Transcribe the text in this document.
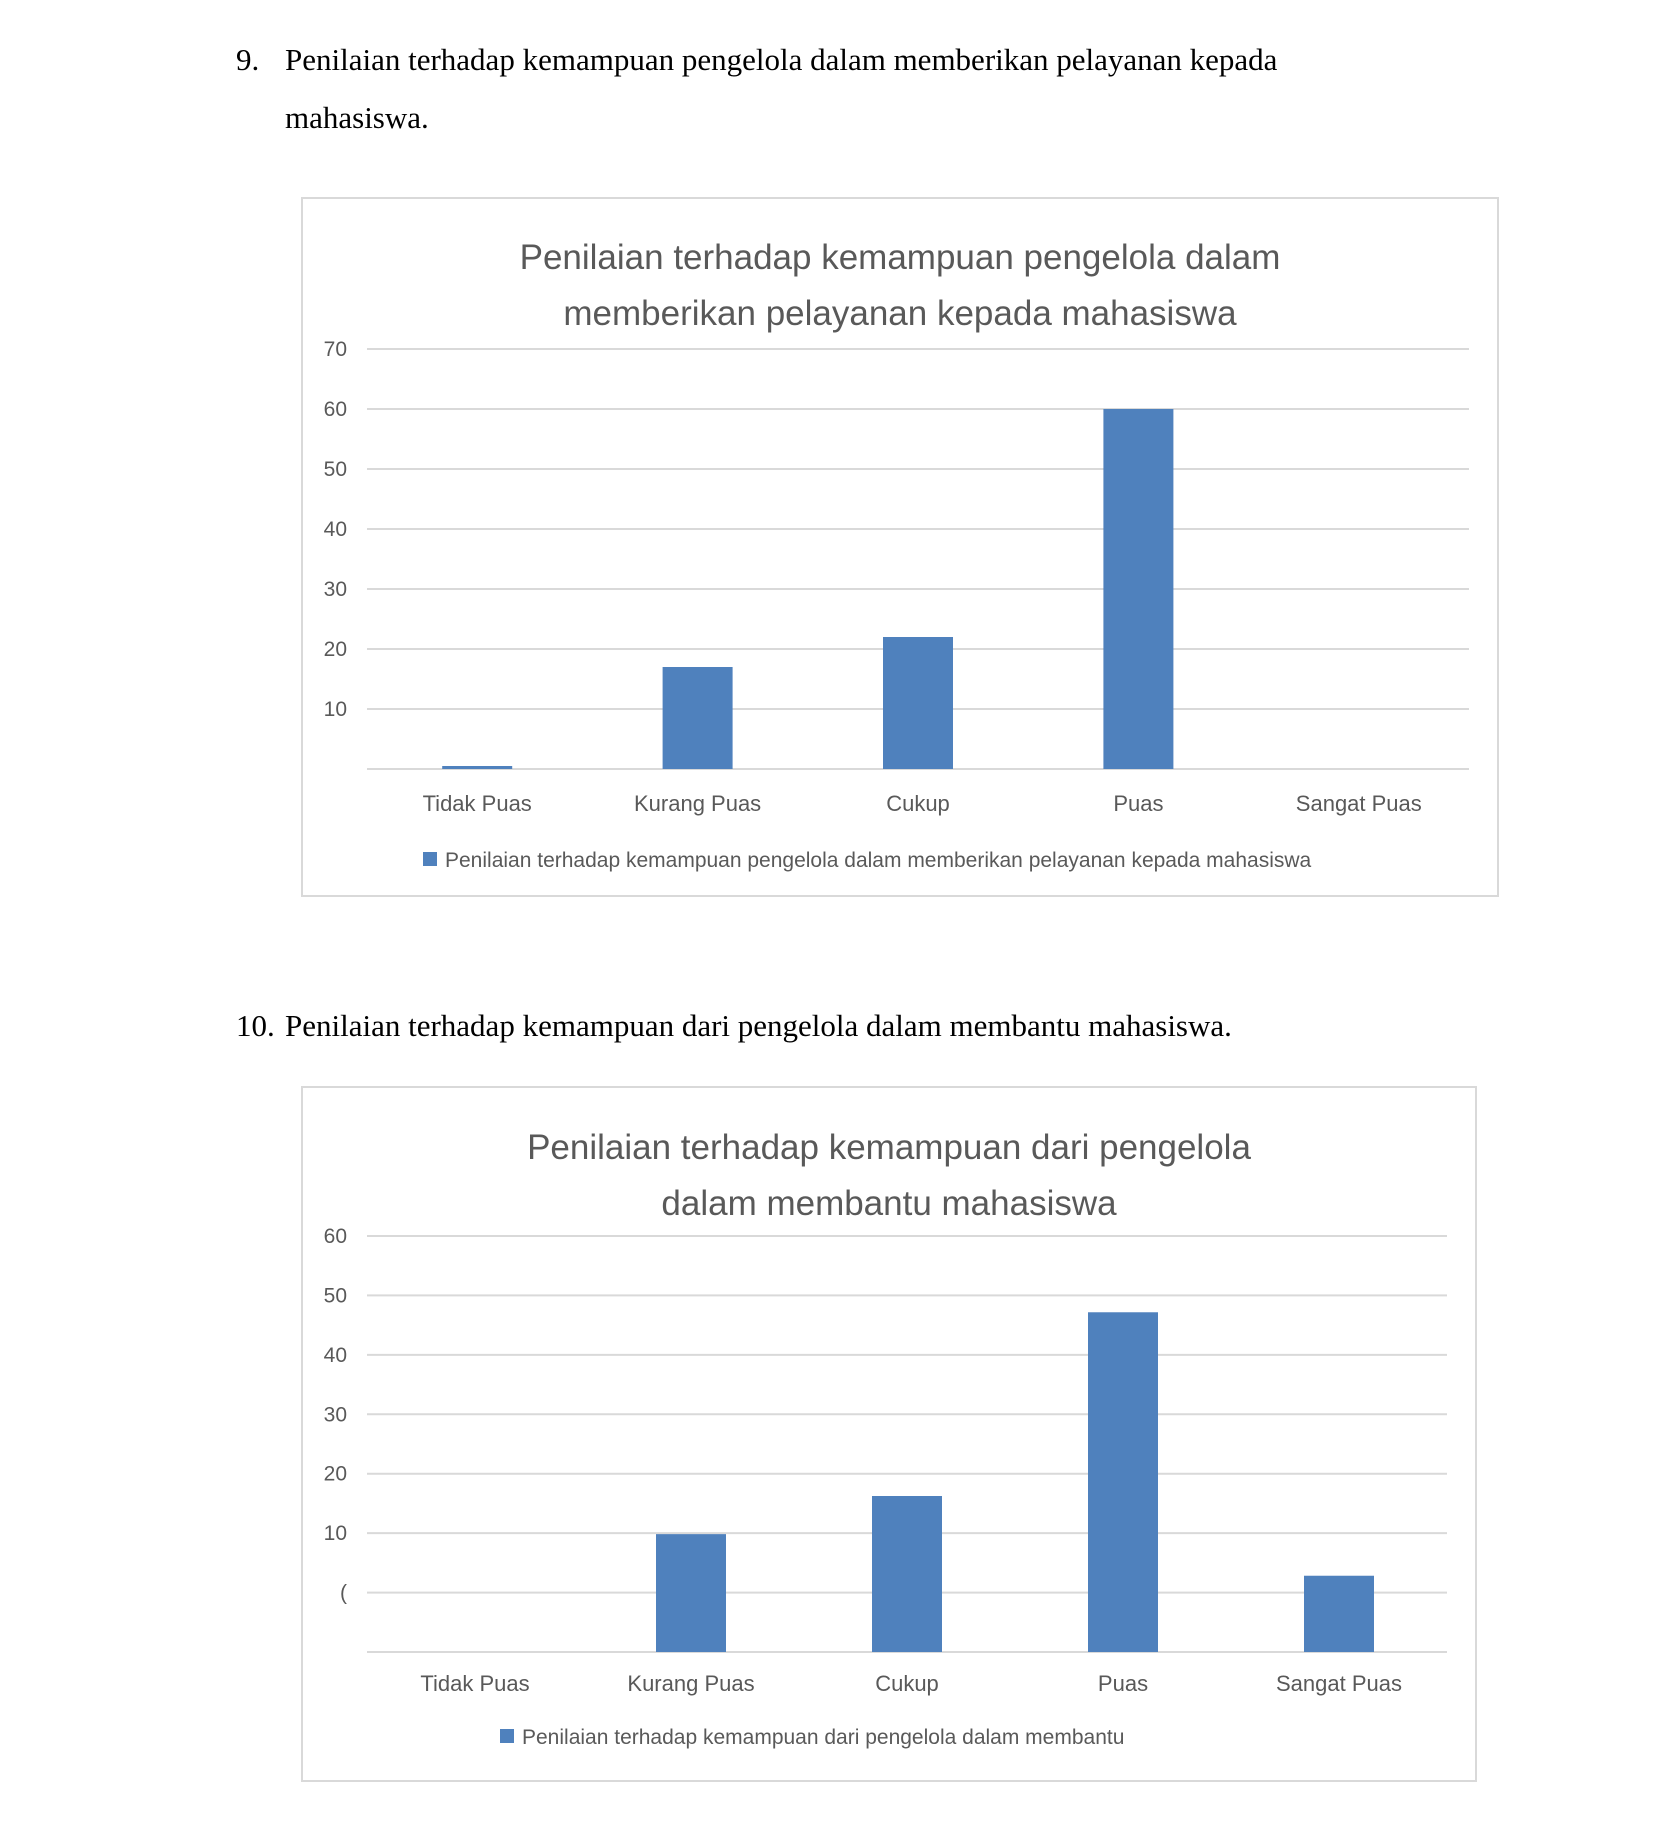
9. Penilaian terhadap kemampuan pengelola dalam memberikan pelayanan kepada
mahasiswa.
Penilaian terhadap kemampuan pengelola dalam
memberikan pelayanan kepada mahasiswa
70
60
50
40
30
20
10
Tidak Puas	Kurang Puas	Cukup	Puas	Sangat Puas
Penilaian terhadap kemampuan pengelola dalam memberikan pelayanan kepada mahasiswa
10. Penilaian terhadap kemampuan dari pengelola dalam membantu mahasiswa.
Penilaian terhadap kemampuan dari pengelola
dalam membantu mahasiswa
60
50
40
30
20
10
(
Tidak Puas	Kurang Puas	Cukup	Puas	Sangat Puas
Penilaian terhadap kemampuan dari pengelola dalam membantu
